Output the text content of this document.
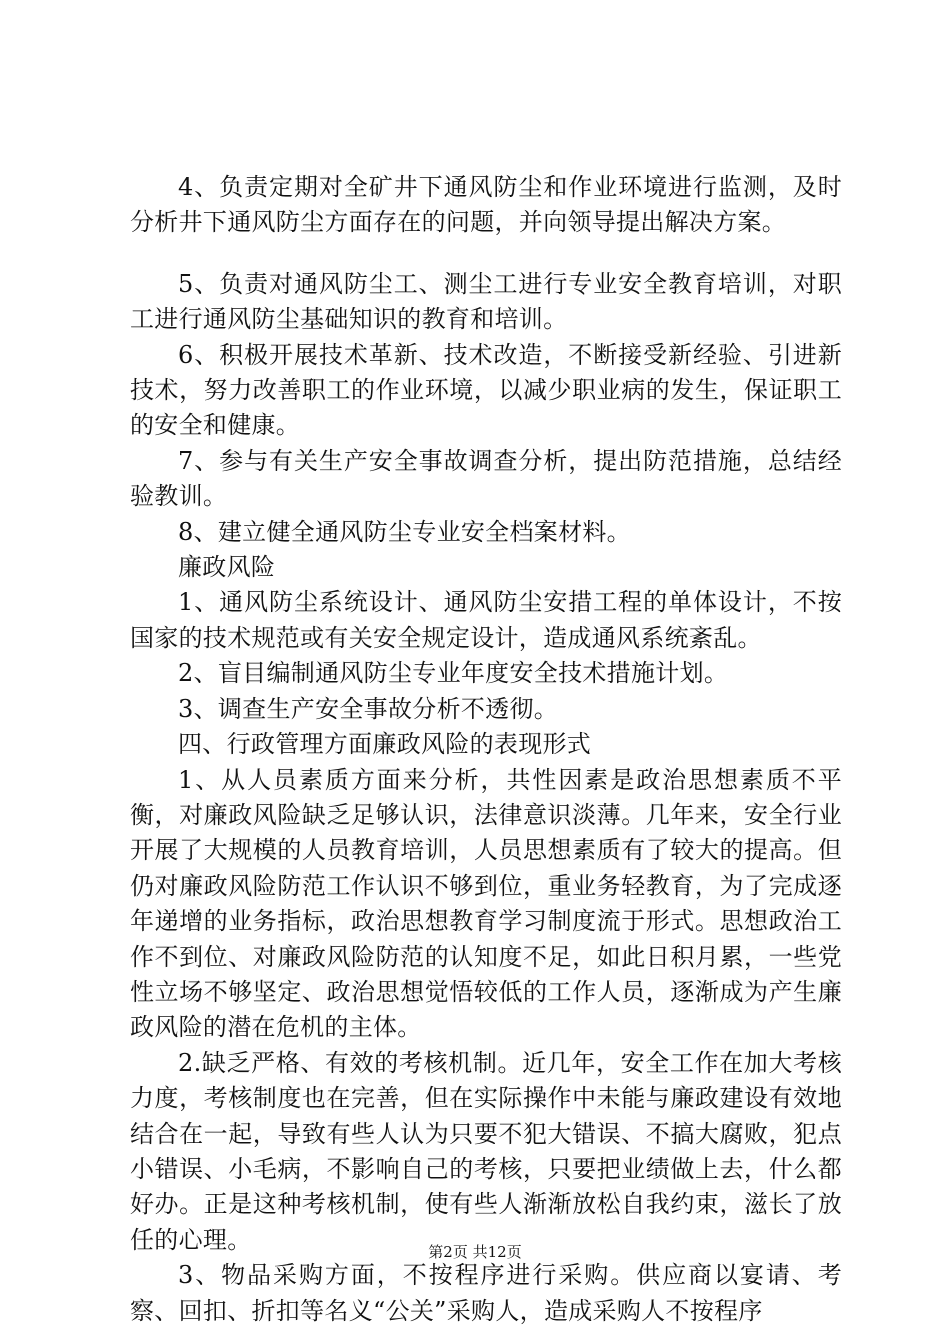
4、负责定期对全矿井下通风防尘和作业环境进行监测，及时分析井下通风防尘方面存在的问题，并向领导提出解决方案。

5、负责对通风防尘工、测尘工进行专业安全教育培训，对职工进行通风防尘基础知识的教育和培训。

6、积极开展技术革新、技术改造，不断接受新经验、引进新技术，努力改善职工的作业环境，以减少职业病的发生，保证职工的安全和健康。

7、参与有关生产安全事故调查分析，提出防范措施，总结经验教训。

8、建立健全通风防尘专业安全档案材料。

廉政风险

1、通风防尘系统设计、通风防尘安措工程的单体设计，不按国家的技术规范或有关安全规定设计，造成通风系统紊乱。

2、盲目编制通风防尘专业年度安全技术措施计划。

3、调查生产安全事故分析不透彻。

四、行政管理方面廉政风险的表现形式

1、从人员素质方面来分析，共性因素是政治思想素质不平衡，对廉政风险缺乏足够认识，法律意识淡薄。几年来，安全行业开展了大规模的人员教育培训，人员思想素质有了较大的提高。但仍对廉政风险防范工作认识不够到位，重业务轻教育，为了完成逐年递增的业务指标，政治思想教育学习制度流于形式。思想政治工作不到位、对廉政风险防范的认知度不足，如此日积月累，一些党性立场不够坚定、政治思想觉悟较低的工作人员，逐渐成为产生廉政风险的潜在危机的主体。

2.缺乏严格、有效的考核机制。近几年，安全工作在加大考核力度，考核制度也在完善，但在实际操作中未能与廉政建设有效地结合在一起，导致有些人认为只要不犯大错误、不搞大腐败，犯点小错误、小毛病，不影响自己的考核，只要把业绩做上去，什么都好办。正是这种考核机制，使有些人渐渐放松自我约束，滋长了放任的心理。

3、物品采购方面，不按程序进行采购。供应商以宴请、考察、回扣、折扣等名义“公关”采购人，造成采购人不按程序

第2页 共12页
